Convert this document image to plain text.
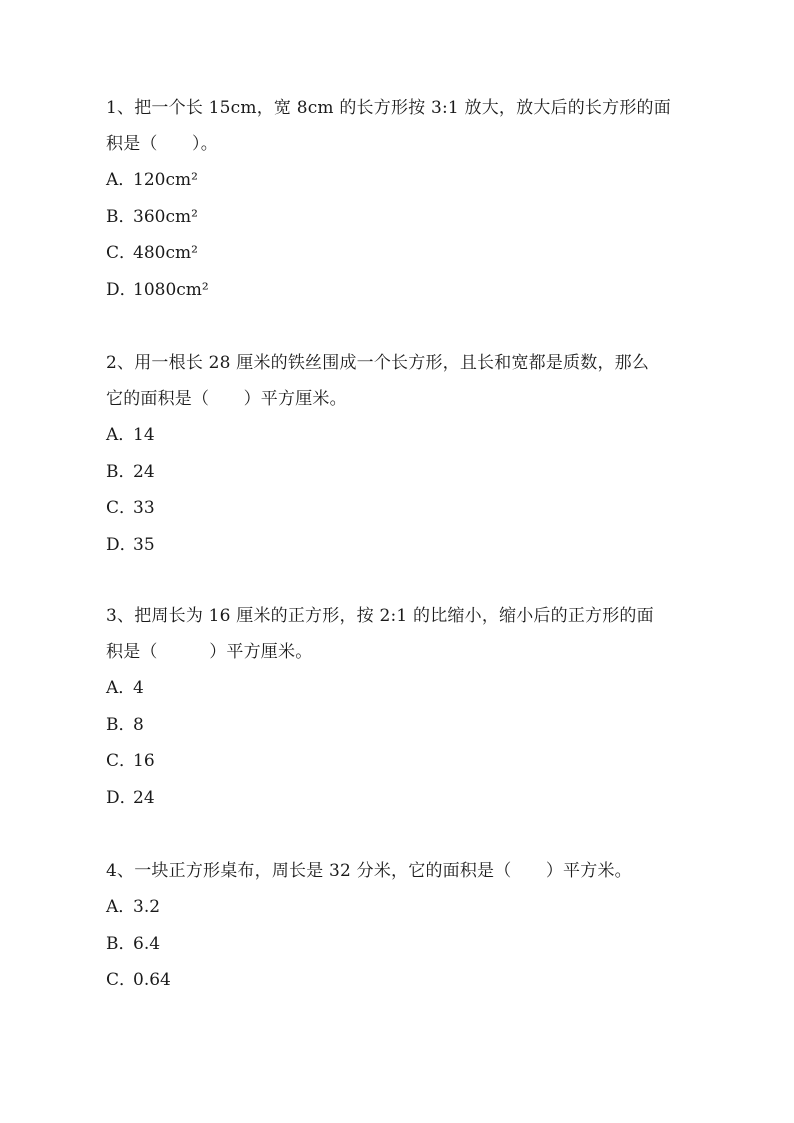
1、把一个长 15cm，宽 8cm 的长方形按 3:1 放大，放大后的长方形的面
积是（　　）。

A．
120cm²
B．
360cm²
C．
480cm²
D．
1080cm²

2、用一根长 28 厘米的铁丝围成一个长方形，且长和宽都是质数，那么
它的面积是（　　）平方厘米。

A．
14
B．
24
C．
33
D．
35

3、把周长为 16 厘米的正方形，按 2:1 的比缩小，缩小后的正方形的面
积是（　　　）平方厘米。

A．
4
B．
8
C．
16
D．
24

4、一块正方形桌布，周长是 32 分米，它的面积是（　　）平方米。

A．
3.2
B．
6.4
C．
0.64
